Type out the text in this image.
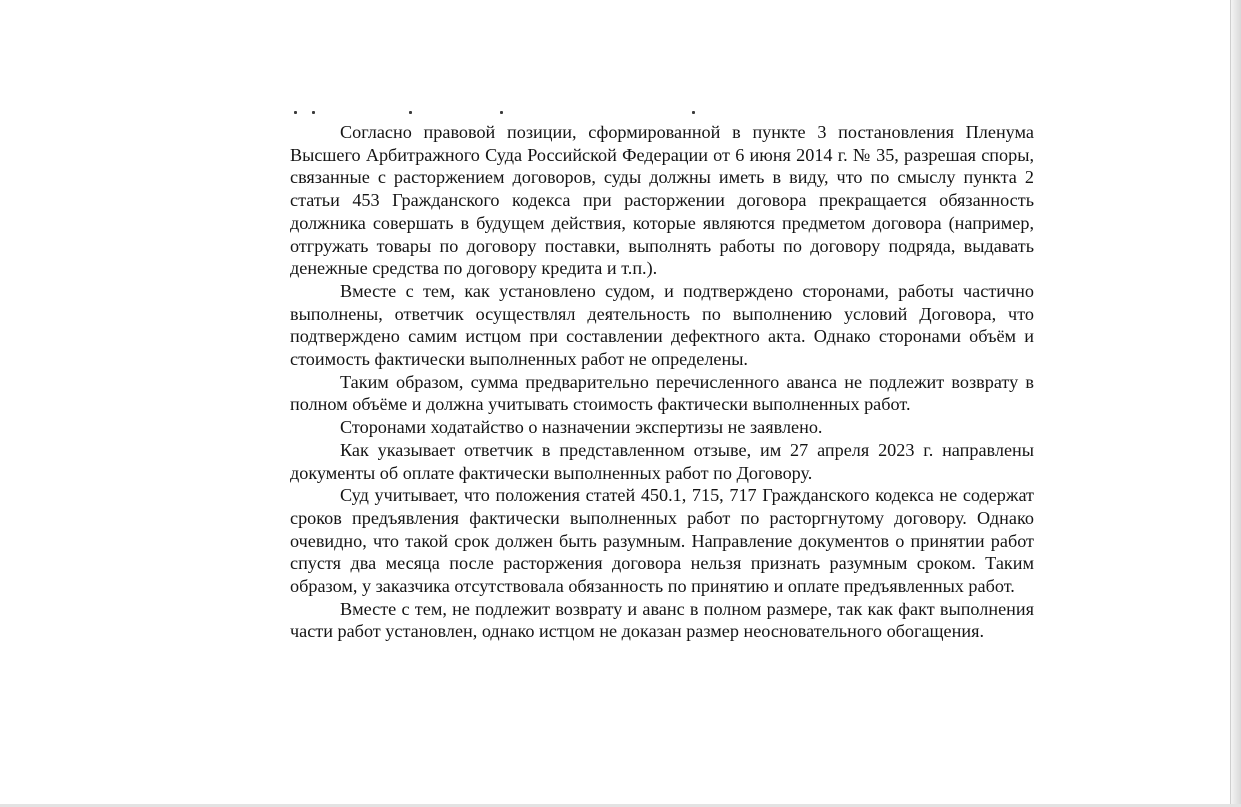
Согласно правовой позиции, сформированной в пункте 3 постановления Пленума Высшего Арбитражного Суда Российской Федерации от 6 июня 2014 г. № 35, разрешая споры, связанные с расторжением договоров, суды должны иметь в виду, что по смыслу пункта 2 статьи 453 Гражданского кодекса при расторжении договора прекращается обязанность должника совершать в будущем действия, которые являются предметом договора (например, отгружать товары по договору поставки, выполнять работы по договору подряда, выдавать денежные средства по договору кредита и т.п.).

Вместе с тем, как установлено судом, и подтверждено сторонами, работы частично выполнены, ответчик осуществлял деятельность по выполнению условий Договора, что подтверждено самим истцом при составлении дефектного акта. Однако сторонами объём и стоимость фактически выполненных работ не определены.

Таким образом, сумма предварительно перечисленного аванса не подлежит возврату в полном объёме и должна учитывать стоимость фактически выполненных работ.

Сторонами ходатайство о назначении экспертизы не заявлено.

Как указывает ответчик в представленном отзыве, им 27 апреля 2023 г. направлены документы об оплате фактически выполненных работ по Договору.

Суд учитывает, что положения статей 450.1, 715, 717 Гражданского кодекса не содержат сроков предъявления фактически выполненных работ по расторгнутому договору. Однако очевидно, что такой срок должен быть разумным. Направление документов о принятии работ спустя два месяца после расторжения договора нельзя признать разумным сроком. Таким образом, у заказчика отсутствовала обязанность по принятию и оплате предъявленных работ.

Вместе с тем, не подлежит возврату и аванс в полном размере, так как факт выполнения части работ установлен, однако истцом не доказан размер неосновательного обогащения.
